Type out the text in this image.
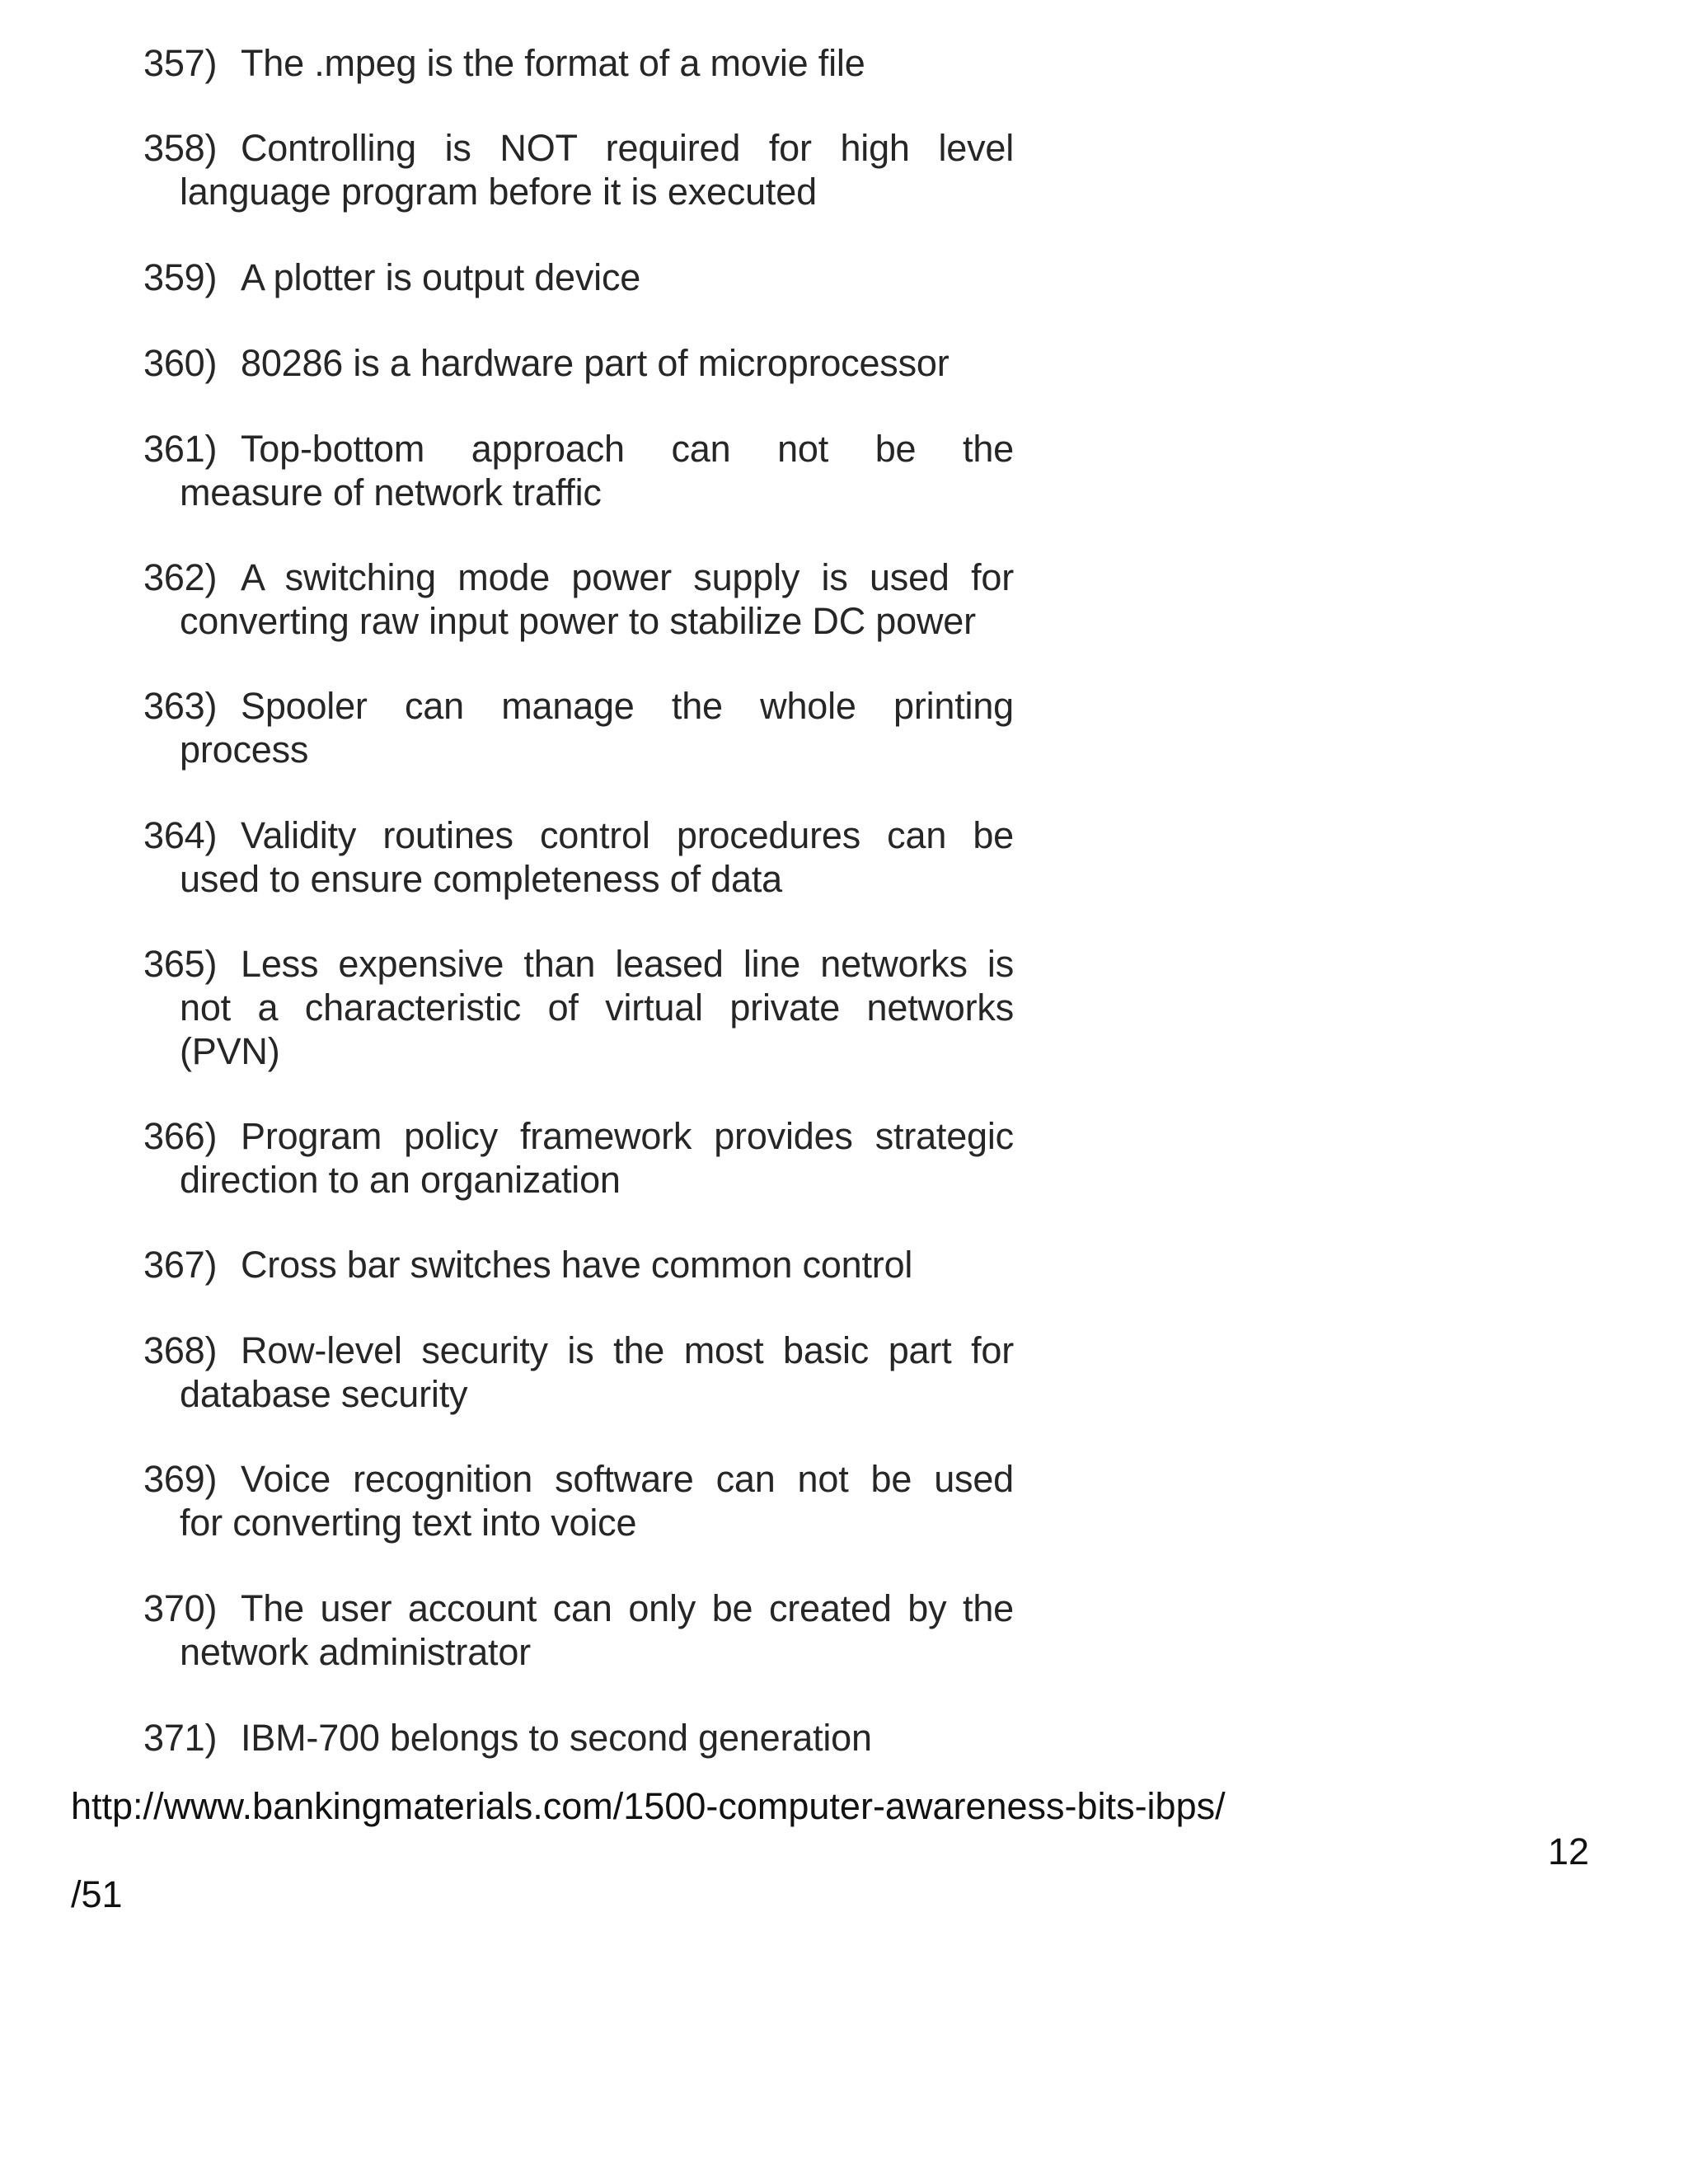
357) The .mpeg is the format of a movie file
358) Controlling is NOT required for high level
language program before it is executed
359) A plotter is output device
360) 80286 is a hardware part of microprocessor
361) Top-bottom approach can not be the
measure of network traffic
362) A switching mode power supply is used for
converting raw input power to stabilize DC power
363) Spooler can manage the whole printing
process
364) Validity routines control procedures can be
used to ensure completeness of data
365) Less expensive than leased line networks is
not a characteristic of virtual private networks
(PVN)
366) Program policy framework provides strategic
direction to an organization
367) Cross bar switches have common control
368) Row-level security is the most basic part for
database security
369) Voice recognition software can not be used
for converting text into voice
370) The user account can only be created by the
network administrator
371) IBM-700 belongs to second generation
http://www.bankingmaterials.com/1500-computer-awareness-bits-ibps/
12
/51
